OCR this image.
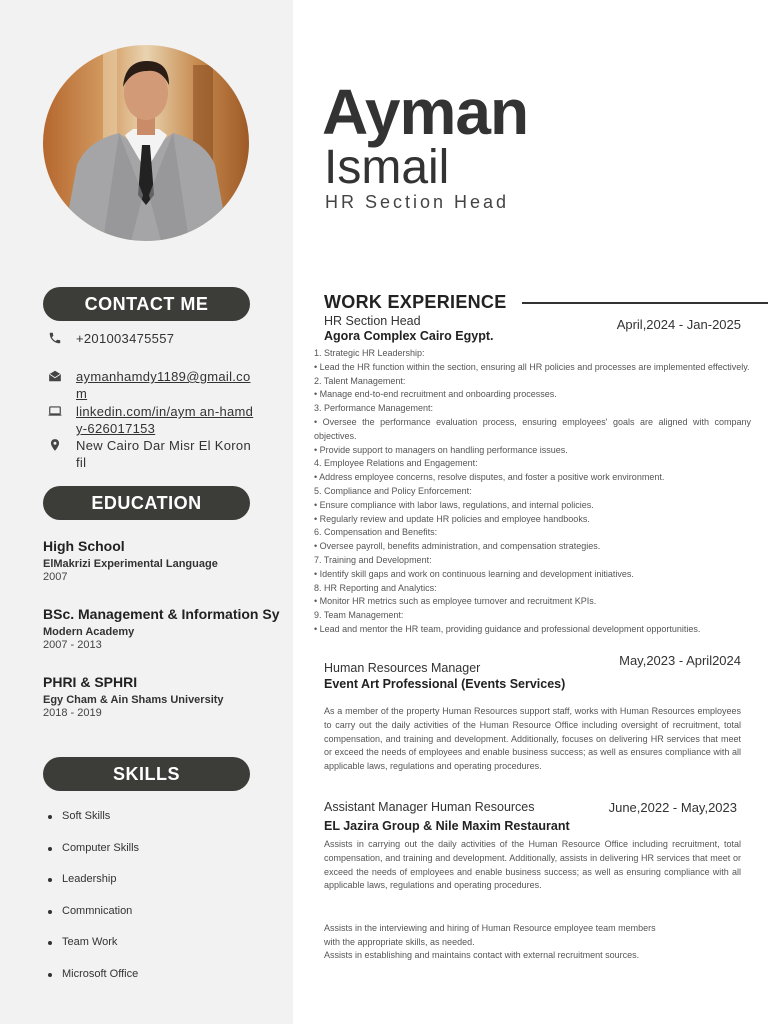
Ayman
Ismail
HR Section Head
CONTACT ME
+201003475557
aymanhamdy1189@gmail.com
linkedin.com/in/aym an-hamdy-626017153
New Cairo Dar Misr El Koronfil
EDUCATION
High School
ElMakrizi Experimental Language
2007
BSc. Management & Information Sy
Modern Academy
2007 - 2013
PHRI & SPHRI
Egy Cham & Ain Shams University
2018 - 2019
SKILLS
Soft Skills
Computer Skills
Leadership
Commnication
Team Work
Microsoft Office
WORK EXPERIENCE
HR Section Head
Agora Complex Cairo Egypt.
April,2024 - Jan-2025
1. Strategic HR Leadership:
• Lead the HR function within the section, ensuring all HR policies and processes are implemented effectively.
2. Talent Management:
• Manage end-to-end recruitment and onboarding processes.
3. Performance Management:
• Oversee the performance evaluation process, ensuring employees' goals are aligned with company objectives.
• Provide support to managers on handling performance issues.
4. Employee Relations and Engagement:
• Address employee concerns, resolve disputes, and foster a positive work environment.
5. Compliance and Policy Enforcement:
• Ensure compliance with labor laws, regulations, and internal policies.
• Regularly review and update HR policies and employee handbooks.
6. Compensation and Benefits:
• Oversee payroll, benefits administration, and compensation strategies.
7. Training and Development:
• Identify skill gaps and work on continuous learning and development initiatives.
8. HR Reporting and Analytics:
• Monitor HR metrics such as employee turnover and recruitment KPIs.
9. Team Management:
• Lead and mentor the HR team, providing guidance and professional development opportunities.
Human Resources Manager
Event Art Professional (Events Services)
May,2023 - April2024
As a member of the property Human Resources support staff, works with Human Resources employees to carry out the daily activities of the Human Resource Office including oversight of recruitment, total compensation, and training and development. Additionally, focuses on delivering HR services that meet or exceed the needs of employees and enable business success; as well as ensures compliance with all applicable laws, regulations and operating procedures.
Assistant Manager Human Resources
EL Jazira Group & Nile Maxim Restaurant
June,2022 - May,2023
Assists in carrying out the daily activities of the Human Resource Office including recruitment, total compensation, and training and development. Additionally, assists in delivering HR services that meet or exceed the needs of employees and enable business success; as well as ensuring compliance with all applicable laws, regulations and operating procedures.
Assists in the interviewing and hiring of Human Resource employee team members with the appropriate skills, as needed.
Assists in establishing and maintains contact with external recruitment sources.
